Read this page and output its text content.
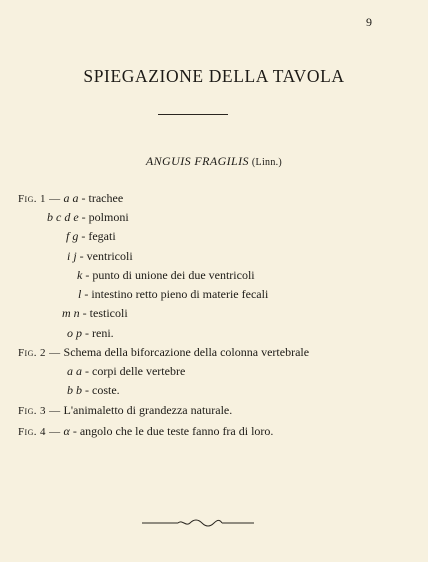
9
SPIEGAZIONE DELLA TAVOLA
ANGUIS FRAGILIS (Linn.)
Fig. 1 — a a - trachee
b c d e - polmoni
f g - fegati
i j - ventricoli
k - punto di unione dei due ventricoli
l - intestino retto pieno di materie fecali
m n - testicoli
o p - reni.
Fig. 2 — Schema della biforcazione della colonna vertebrale
a a - corpi delle vertebre
b b - coste.
Fig. 3 — L'animaletto di grandezza naturale.
Fig. 4 — α - angolo che le due teste fanno fra di loro.
